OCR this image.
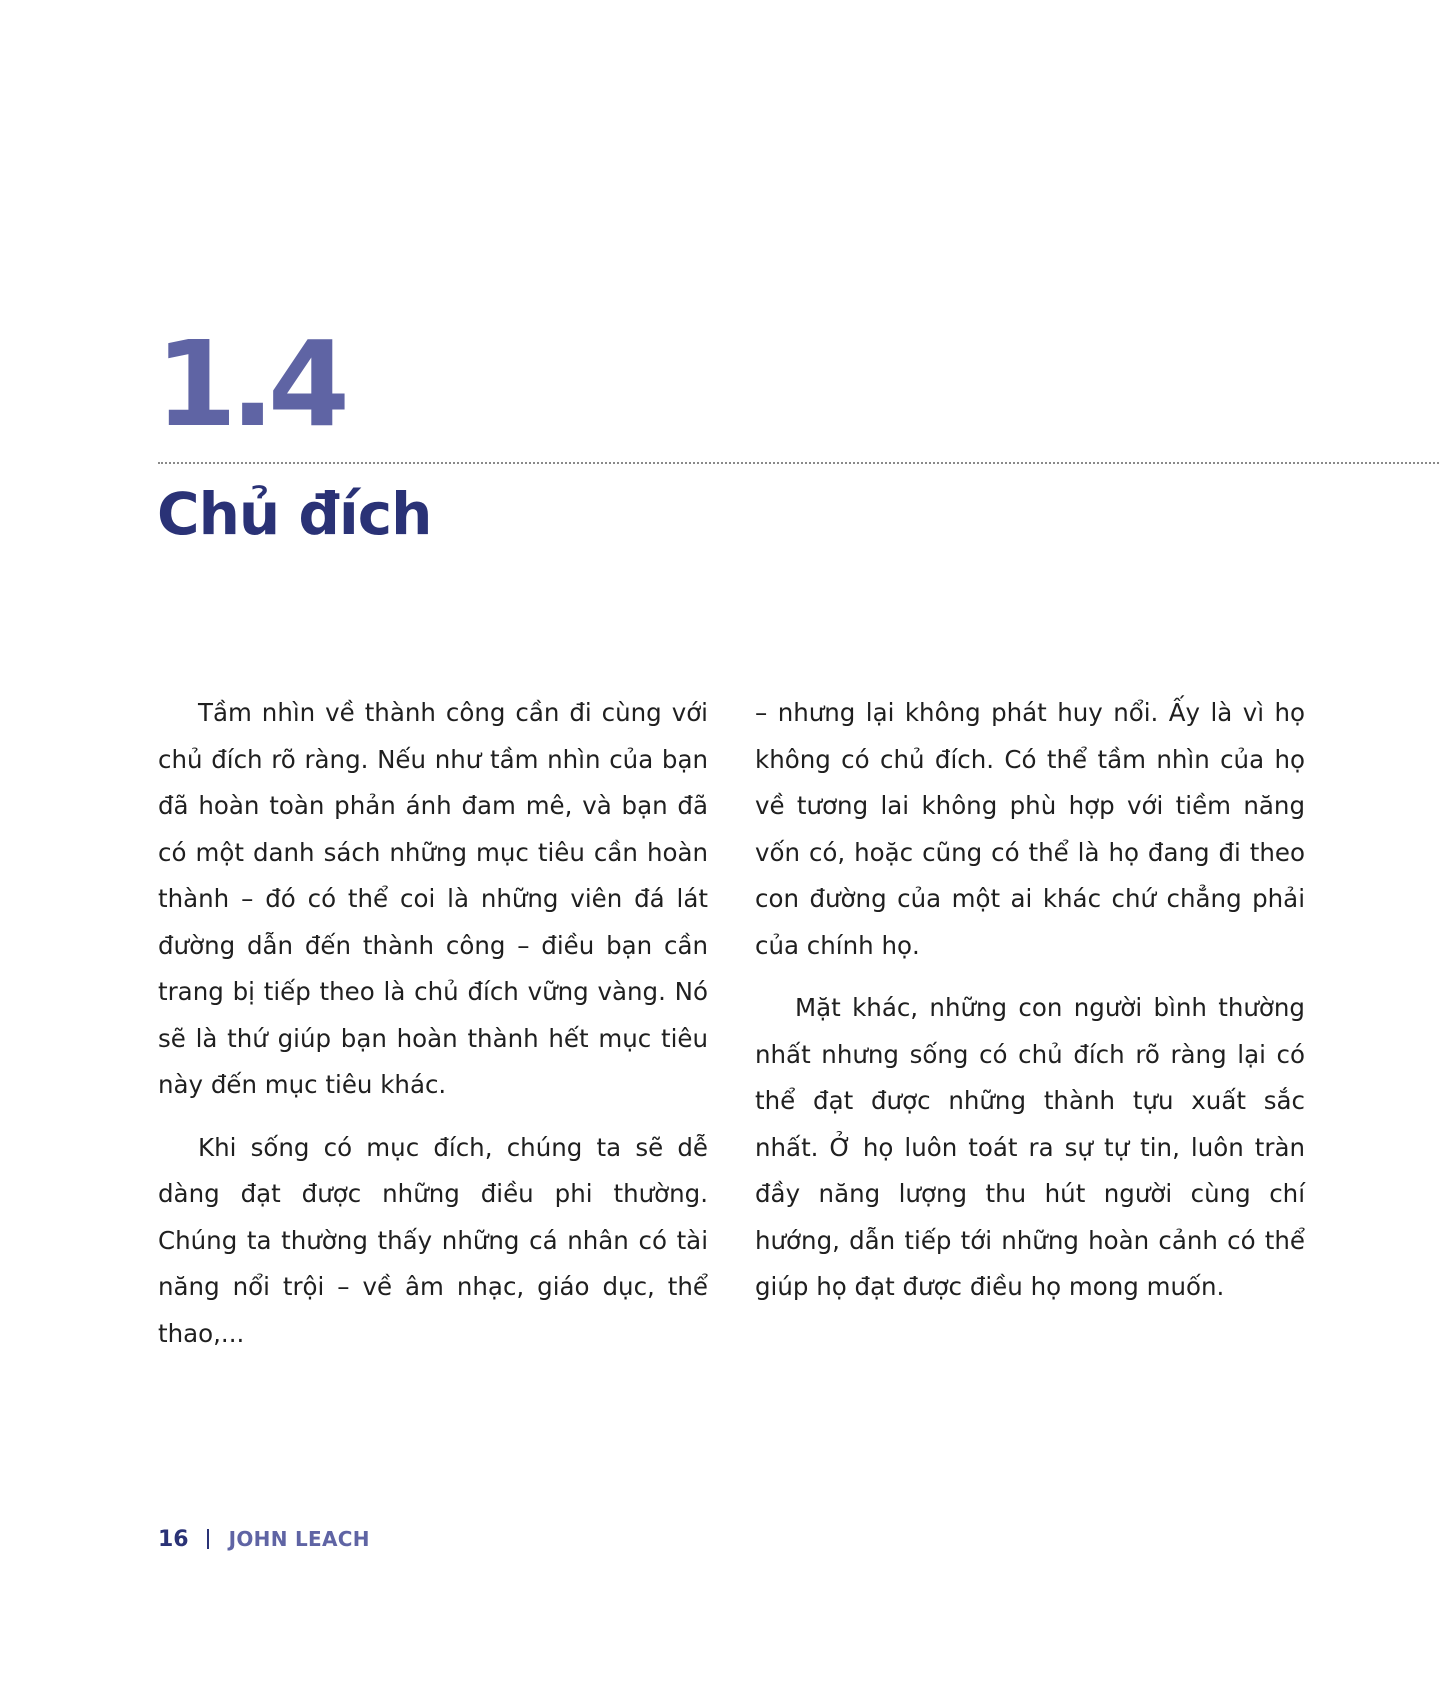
1.4
Chủ đích

Tầm nhìn về thành công cần đi cùng với chủ đích rõ ràng. Nếu như tầm nhìn của bạn đã hoàn toàn phản ánh đam mê, và bạn đã có một danh sách những mục tiêu cần hoàn thành – đó có thể coi là những viên đá lát đường dẫn đến thành công – điều bạn cần trang bị tiếp theo là chủ đích vững vàng. Nó sẽ là thứ giúp bạn hoàn thành hết mục tiêu này đến mục tiêu khác.

Khi sống có mục đích, chúng ta sẽ dễ dàng đạt được những điều phi thường. Chúng ta thường thấy những cá nhân có tài năng nổi trội – về âm nhạc, giáo dục, thể thao,...

– nhưng lại không phát huy nổi. Ấy là vì họ không có chủ đích. Có thể tầm nhìn của họ về tương lai không phù hợp với tiềm năng vốn có, hoặc cũng có thể là họ đang đi theo con đường của một ai khác chứ chẳng phải của chính họ.

Mặt khác, những con người bình thường nhất nhưng sống có chủ đích rõ ràng lại có thể đạt được những thành tựu xuất sắc nhất. Ở họ luôn toát ra sự tự tin, luôn tràn đầy năng lượng thu hút người cùng chí hướng, dẫn tiếp tới những hoàn cảnh có thể giúp họ đạt được điều họ mong muốn.

16 JOHN LEACH
